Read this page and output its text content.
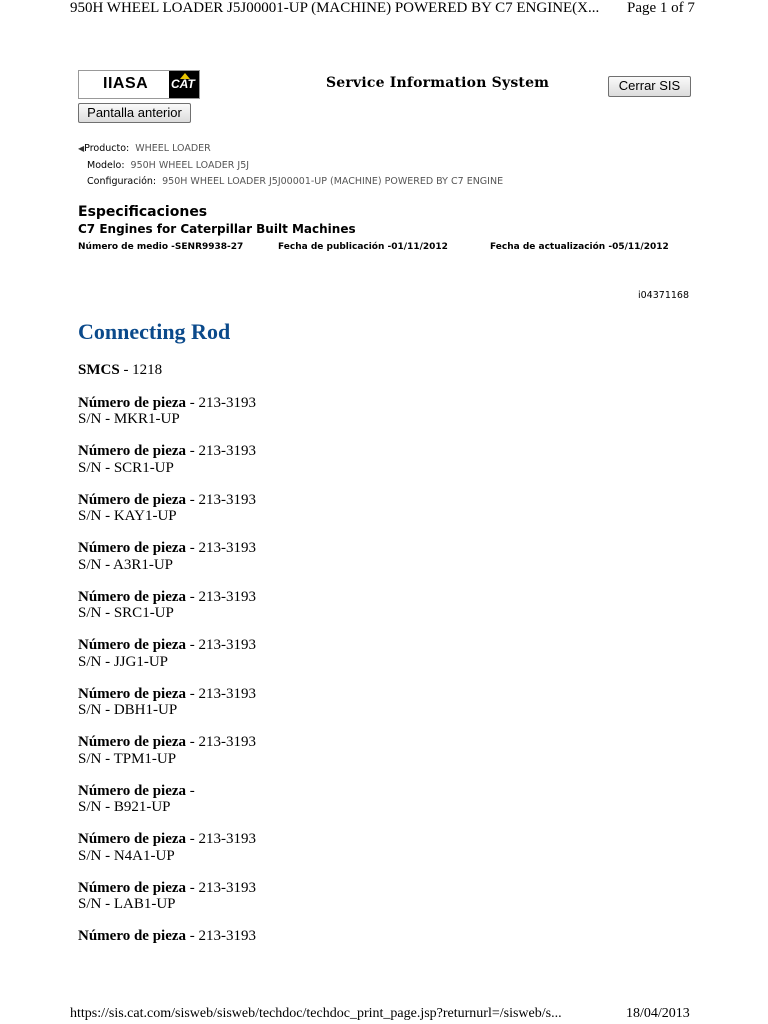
950H WHEEL LOADER J5J00001-UP (MACHINE) POWERED BY C7 ENGINE(X... Page 1 of 7
IIASA CAT	Service Information System	Cerrar SIS
Pantalla anterior
◀Producto: WHEEL LOADER
Modelo: 950H WHEEL LOADER J5J
Configuración: 950H WHEEL LOADER J5J00001-UP (MACHINE) POWERED BY C7 ENGINE
Especificaciones
C7 Engines for Caterpillar Built Machines
Número de medio -SENR9938-27	Fecha de publicación -01/11/2012	Fecha de actualización -05/11/2012
i04371168
Connecting Rod
SMCS - 1218
Número de pieza - 213-3193
S/N - MKR1-UP
Número de pieza - 213-3193
S/N - SCR1-UP
Número de pieza - 213-3193
S/N - KAY1-UP
Número de pieza - 213-3193
S/N - A3R1-UP
Número de pieza - 213-3193
S/N - SRC1-UP
Número de pieza - 213-3193
S/N - JJG1-UP
Número de pieza - 213-3193
S/N - DBH1-UP
Número de pieza - 213-3193
S/N - TPM1-UP
Número de pieza -
S/N - B921-UP
Número de pieza - 213-3193
S/N - N4A1-UP
Número de pieza - 213-3193
S/N - LAB1-UP
Número de pieza - 213-3193
https://sis.cat.com/sisweb/sisweb/techdoc/techdoc_print_page.jsp?returnurl=/sisweb/s...	18/04/2013
